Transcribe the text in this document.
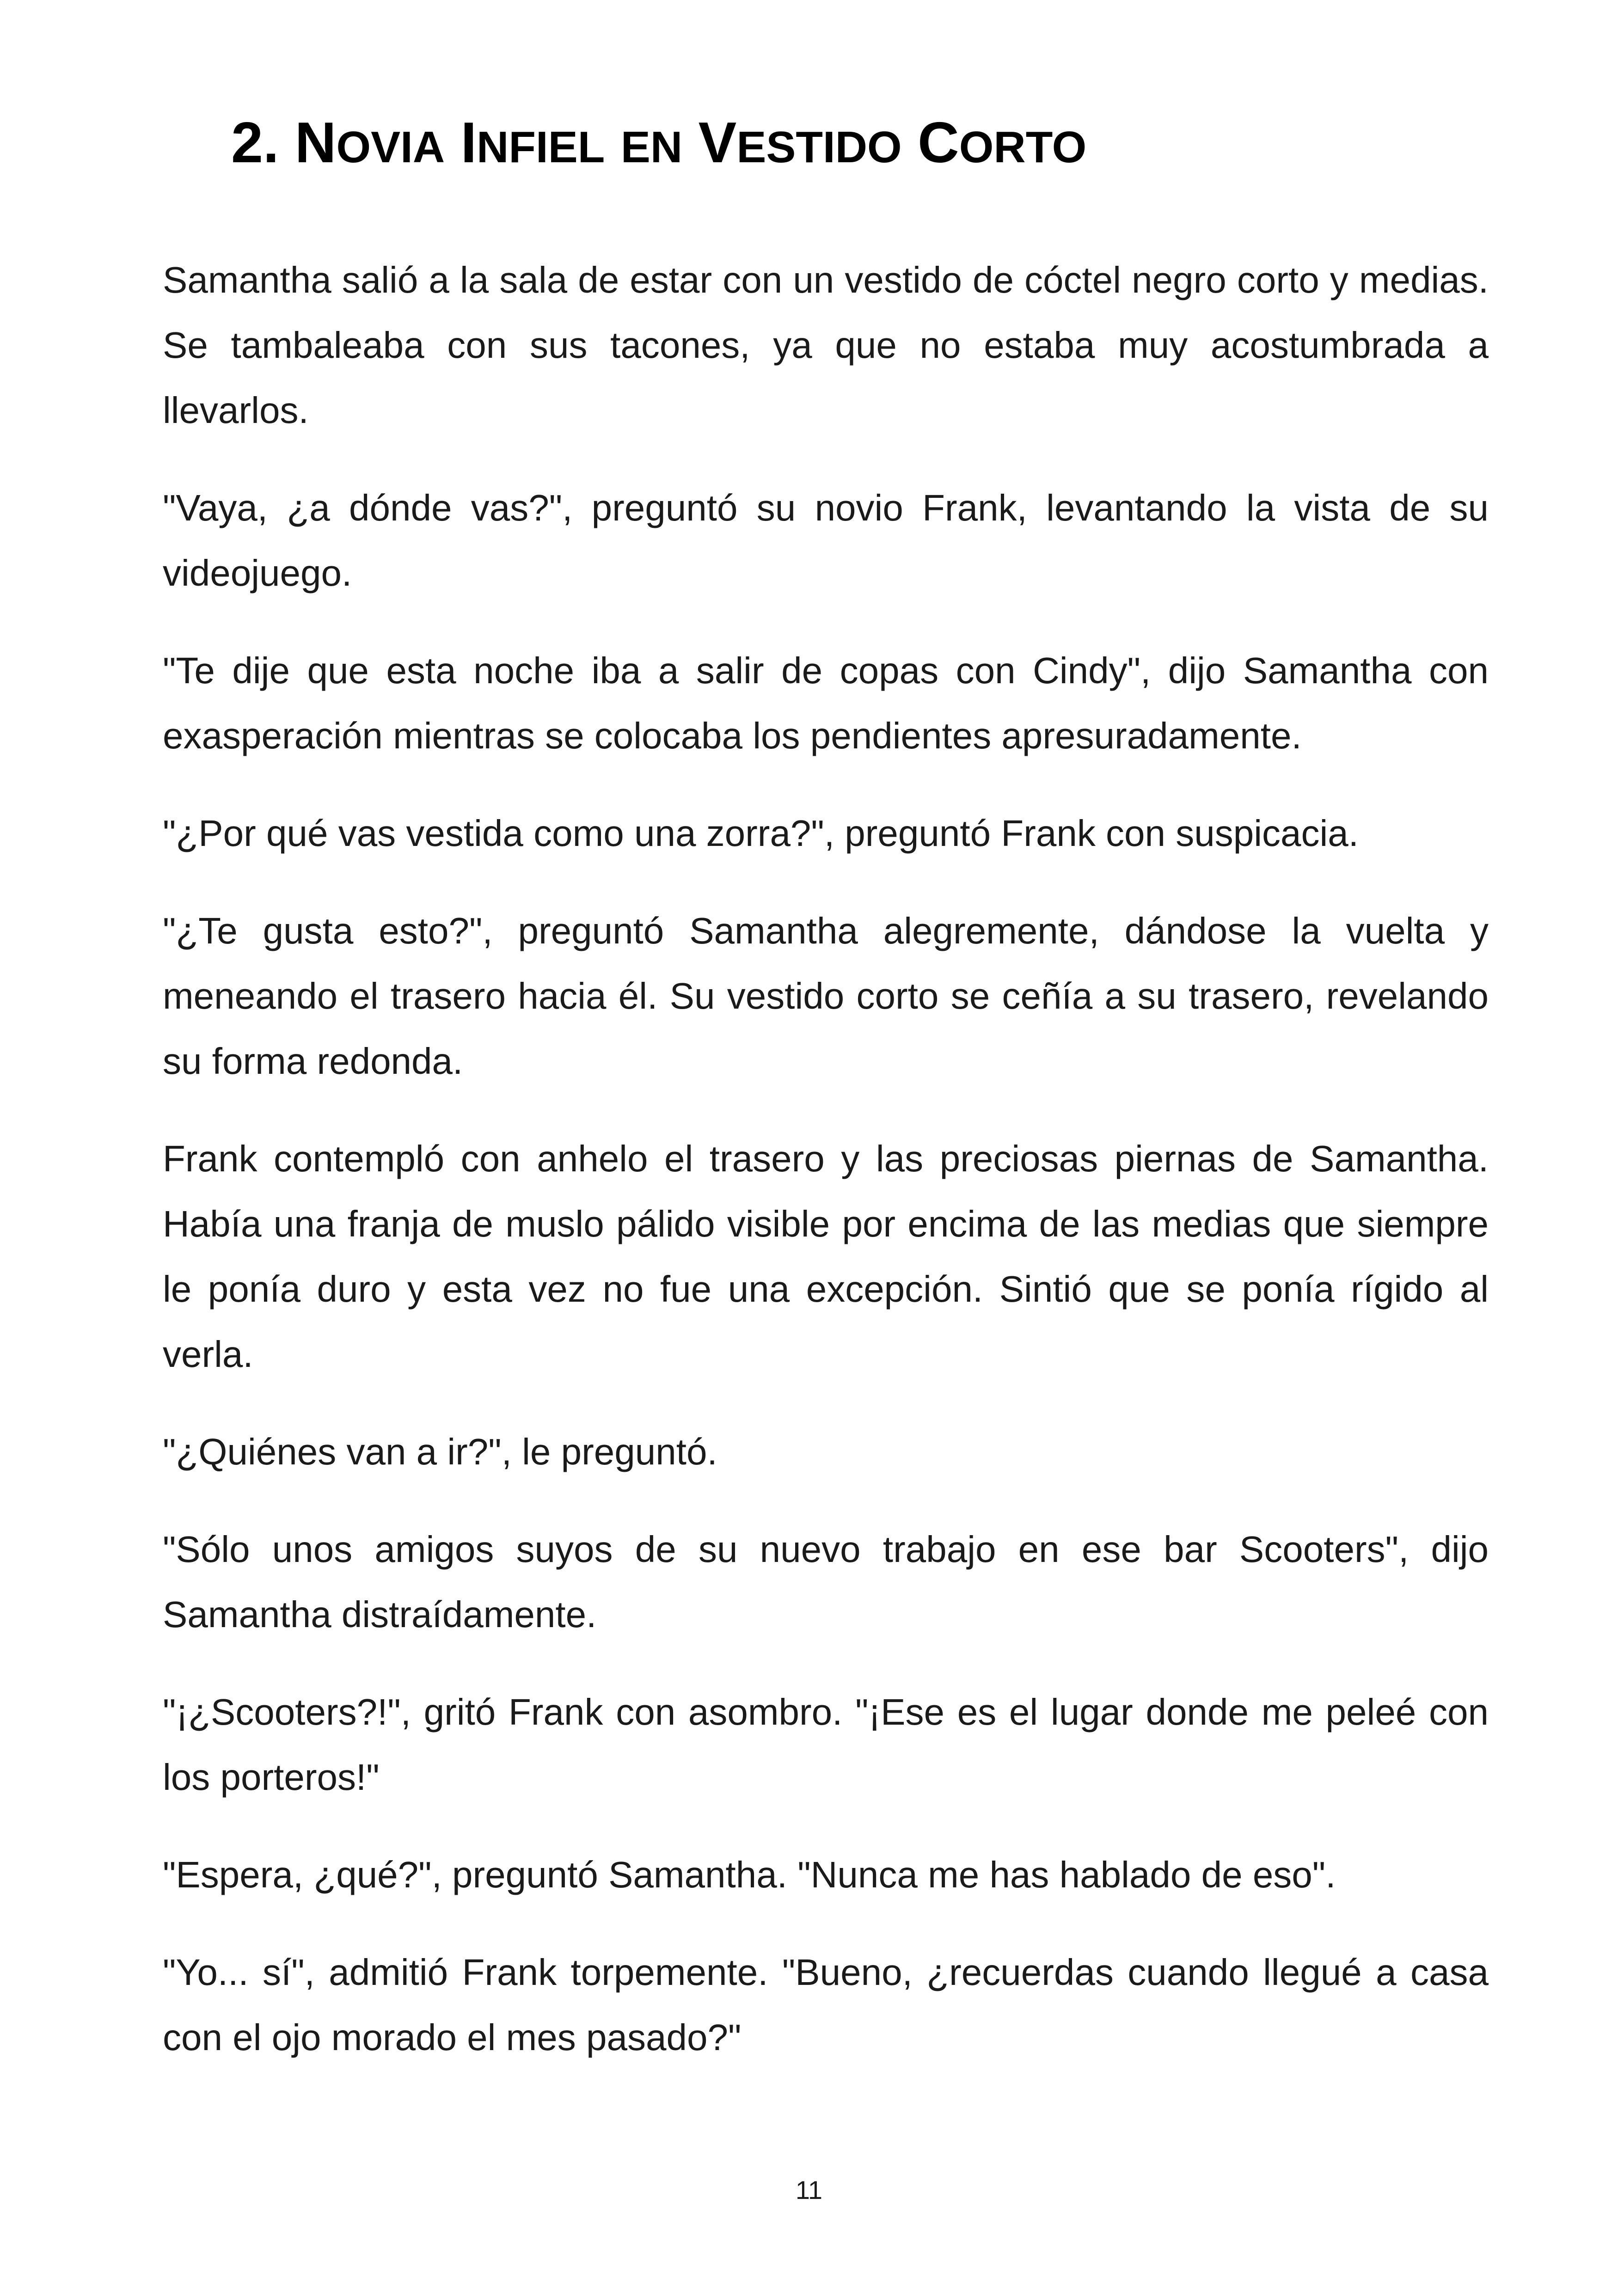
2. NOVIA INFIEL EN VESTIDO CORTO

Samantha salió a la sala de estar con un vestido de cóctel negro corto y medias. Se tambaleaba con sus tacones, ya que no estaba muy acostumbrada a llevarlos.

"Vaya, ¿a dónde vas?", preguntó su novio Frank, levantando la vista de su videojuego.

"Te dije que esta noche iba a salir de copas con Cindy", dijo Samantha con exasperación mientras se colocaba los pendientes apresuradamente.

"¿Por qué vas vestida como una zorra?", preguntó Frank con suspicacia.

"¿Te gusta esto?", preguntó Samantha alegremente, dándose la vuelta y meneando el trasero hacia él. Su vestido corto se ceñía a su trasero, revelando su forma redonda.

Frank contempló con anhelo el trasero y las preciosas piernas de Samantha. Había una franja de muslo pálido visible por encima de las medias que siempre le ponía duro y esta vez no fue una excepción. Sintió que se ponía rígido al verla.

"¿Quiénes van a ir?", le preguntó.

"Sólo unos amigos suyos de su nuevo trabajo en ese bar Scooters", dijo Samantha distraídamente.

"¡¿Scooters?!", gritó Frank con asombro. "¡Ese es el lugar donde me peleé con los porteros!"

"Espera, ¿qué?", preguntó Samantha. "Nunca me has hablado de eso".

"Yo... sí", admitió Frank torpemente. "Bueno, ¿recuerdas cuando llegué a casa con el ojo morado el mes pasado?"

11
